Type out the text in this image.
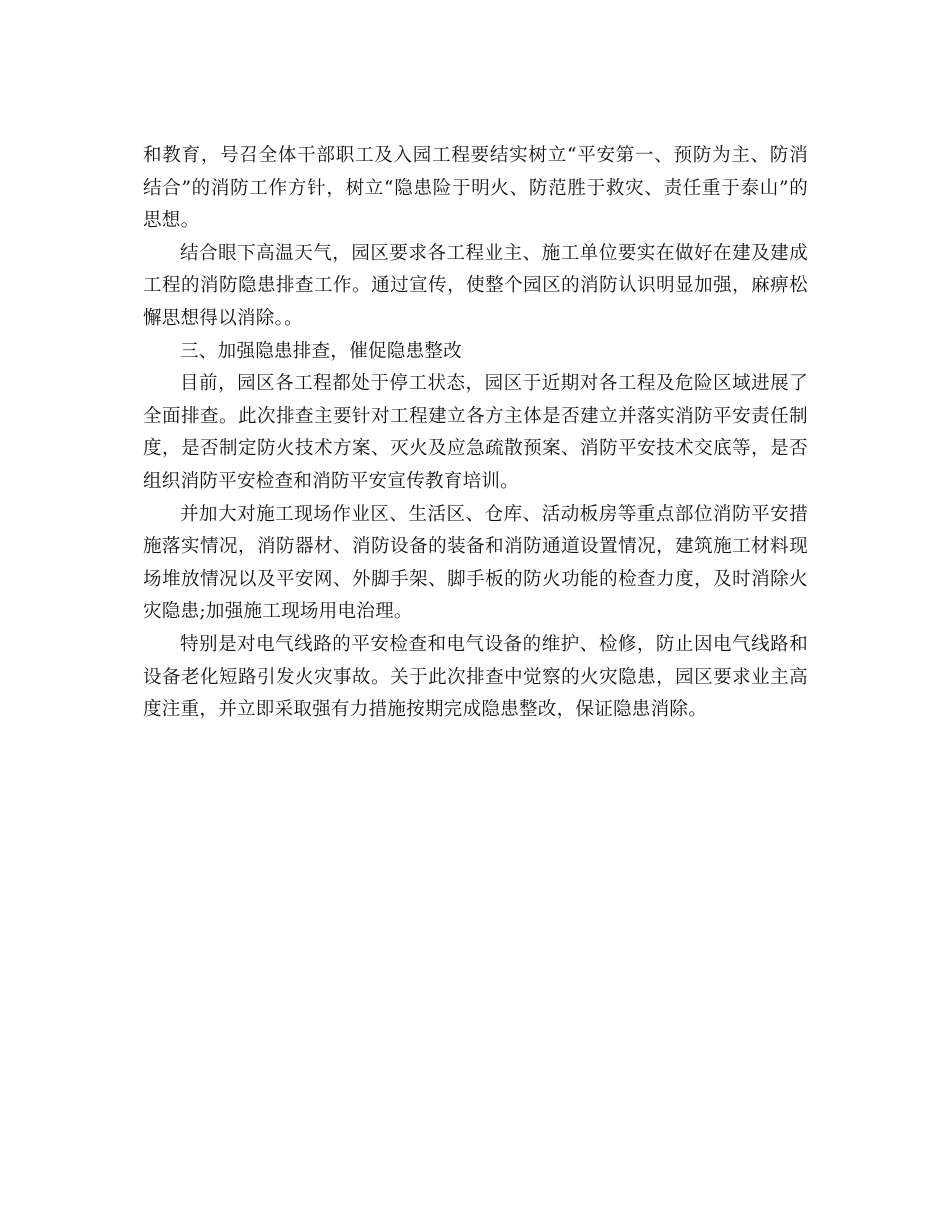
和教育，号召全体干部职工及入园工程要结实树立“平安第一、预防为主、防消结合”的消防工作方针，树立“隐患险于明火、防范胜于救灾、责任重于泰山”的思想。

结合眼下高温天气，园区要求各工程业主、施工单位要实在做好在建及建成工程的消防隐患排查工作。通过宣传，使整个园区的消防认识明显加强，麻痹松懈思想得以消除。。

三、加强隐患排查，催促隐患整改

目前，园区各工程都处于停工状态，园区于近期对各工程及危险区域进展了全面排查。此次排查主要针对工程建立各方主体是否建立并落实消防平安责任制度，是否制定防火技术方案、灭火及应急疏散预案、消防平安技术交底等，是否组织消防平安检查和消防平安宣传教育培训。

并加大对施工现场作业区、生活区、仓库、活动板房等重点部位消防平安措施落实情况，消防器材、消防设备的装备和消防通道设置情况，建筑施工材料现场堆放情况以及平安网、外脚手架、脚手板的防火功能的检查力度，及时消除火灾隐患;加强施工现场用电治理。

特别是对电气线路的平安检查和电气设备的维护、检修，防止因电气线路和设备老化短路引发火灾事故。关于此次排查中觉察的火灾隐患，园区要求业主高度注重，并立即采取强有力措施按期完成隐患整改，保证隐患消除。
